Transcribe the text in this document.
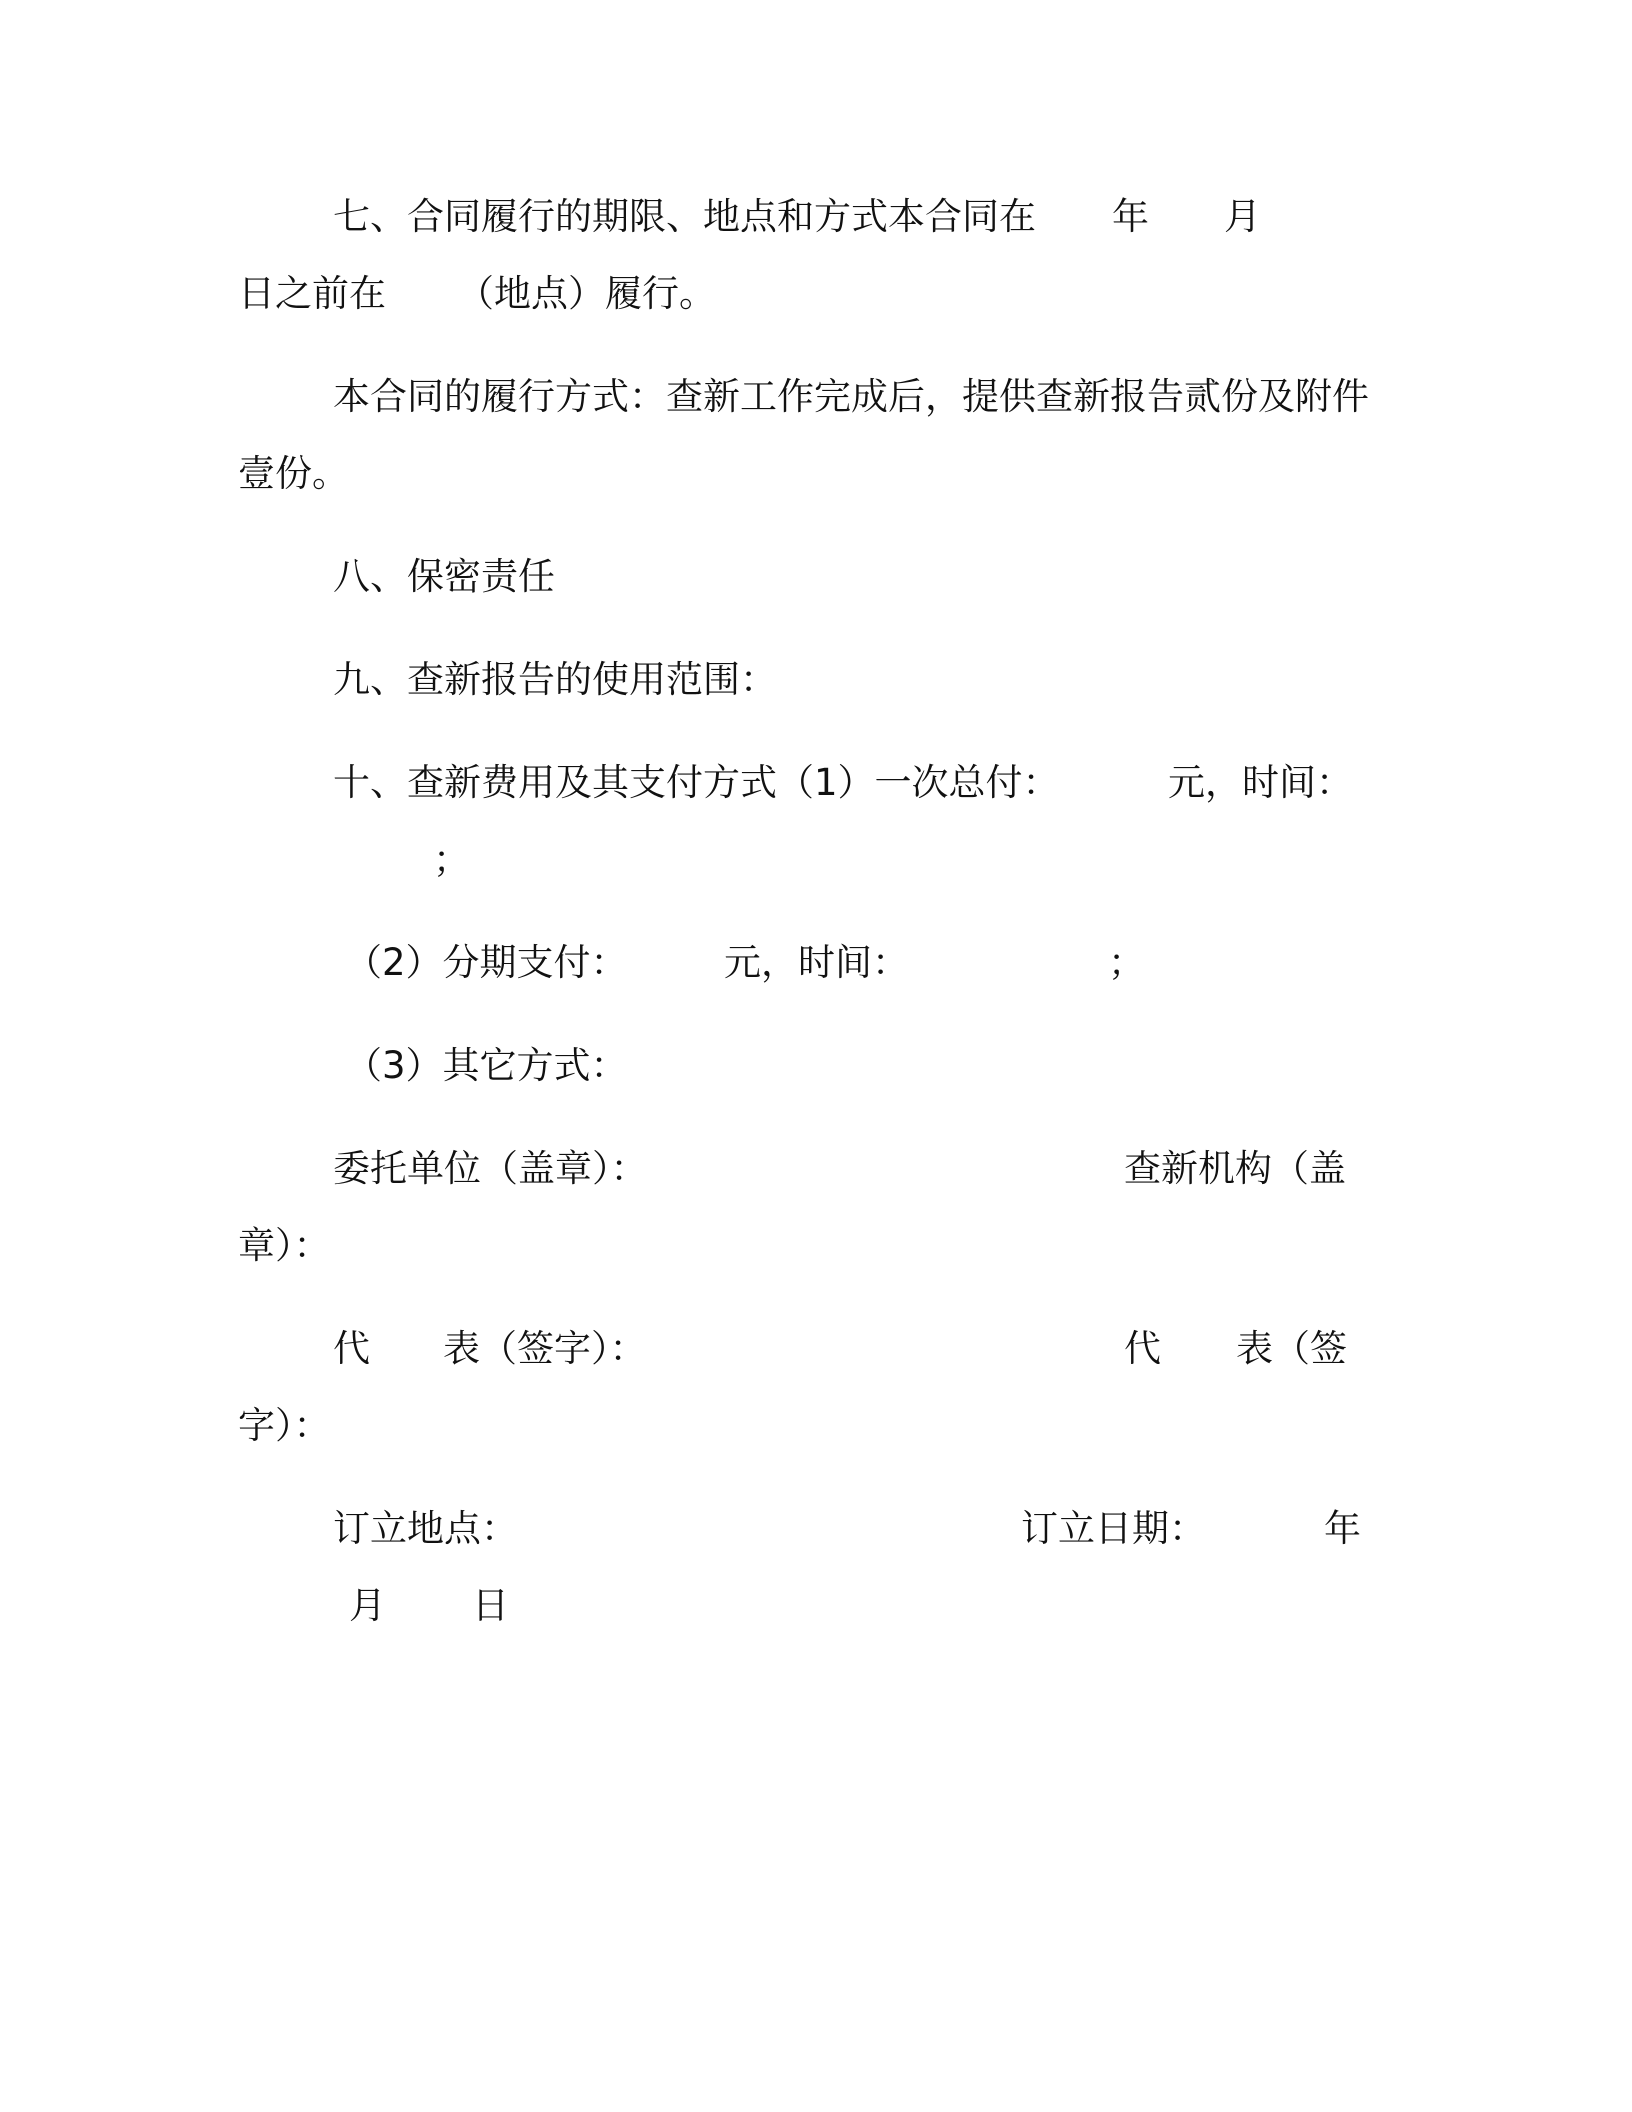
七、合同履行的期限、地点和方式本合同在 年 月
日之前在 （地点）履行。
本合同的履行方式：查新工作完成后，提供查新报告贰份及附件
壹份。
八、保密责任
九、查新报告的使用范围：
十、查新费用及其支付方式（1）一次总付：	元，时间：
；
（2）分期支付：	元，时间：	；
（3）其它方式：
委托单位（盖章）：	查新机构（盖
章）：
代 表（签字）：	代 表（签
字）：
订立地点：	订立日期：	年
月 日
